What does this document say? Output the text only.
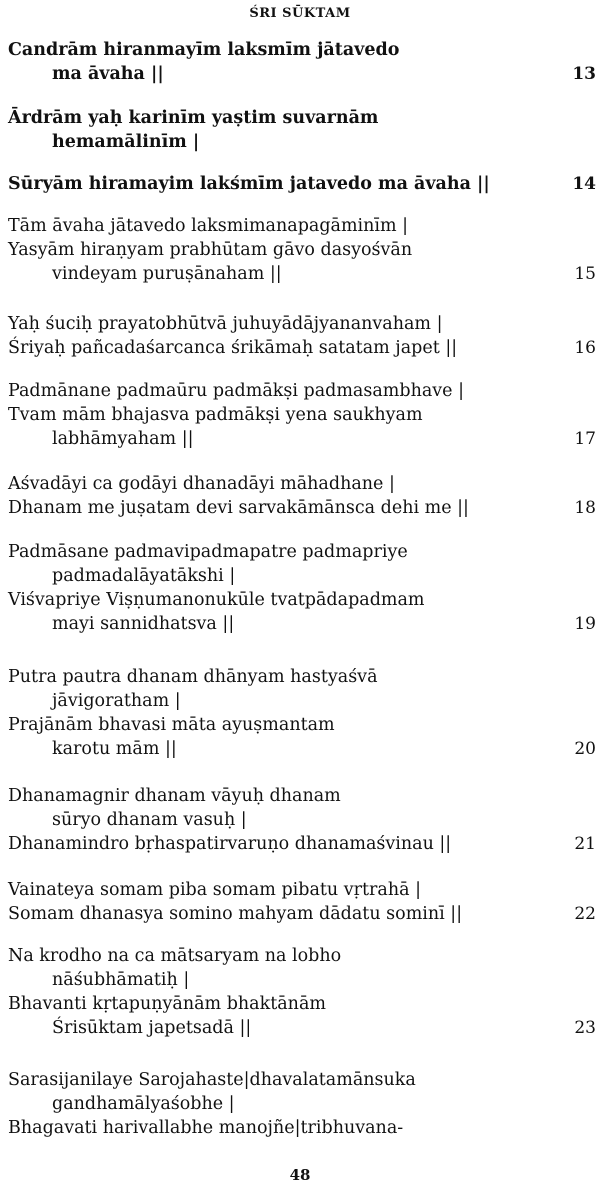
ŚRI SŪKTAM
Candrām hiranmayīm laksmīm jātavedo
ma āvaha ||	13
Ārdrām yaḥ karinīm yaṣtim suvarnām
hemamālinīm |
Sūryām hiramayim lakśmīm jatavedo ma āvaha ||	14
Tām āvaha jātavedo laksmimanapagāminīm |
Yasyām hiraṇyam prabhūtam gāvo dasyośvān
vindeyam puruṣānaham ||	15
Yaḥ śuciḥ prayatobhūtvā juhuyādājyananvaham |
Śriyaḥ pañcadaśarcanca śrikāmaḥ satatam japet ||	16
Padmānane padmaūru padmākṣi padmasambhave |
Tvam mām bhajasva padmākṣi yena saukhyam
labhāmyaham ||	17
Aśvadāyi ca godāyi dhanadāyi māhadhane |
Dhanam me juṣatam devi sarvakāmānsca dehi me ||	18
Padmāsane padmavipadmapatre padmapriye
padmadalāyatākshi |
Viśvapriye Viṣṇumanonukūle tvatpādapadmam
mayi sannidhatsva ||	19
Putra pautra dhanam dhānyam hastyaśvā
jāvigoratham |
Prajānām bhavasi māta ayuṣmantam
karotu mām ||	20
Dhanamagnir dhanam vāyuḥ dhanam
sūryo dhanam vasuḥ |
Dhanamindro bṛhaspatirvaruṇo dhanamaśvinau ||	21
Vainateya somam piba somam pibatu vṛtrahā |
Somam dhanasya somino mahyam dādatu sominī ||	22
Na krodho na ca mātsaryam na lobho
nāśubhāmatiḥ |
Bhavanti kṛtapuṇyānām bhaktānām
Śrisūktam japetsadā ||	23
Sarasijanilaye Sarojahaste|dhavalatamānsuka
gandhamālyaśobhe |
Bhagavati harivallabhe manojñe|tribhuvana-
48
